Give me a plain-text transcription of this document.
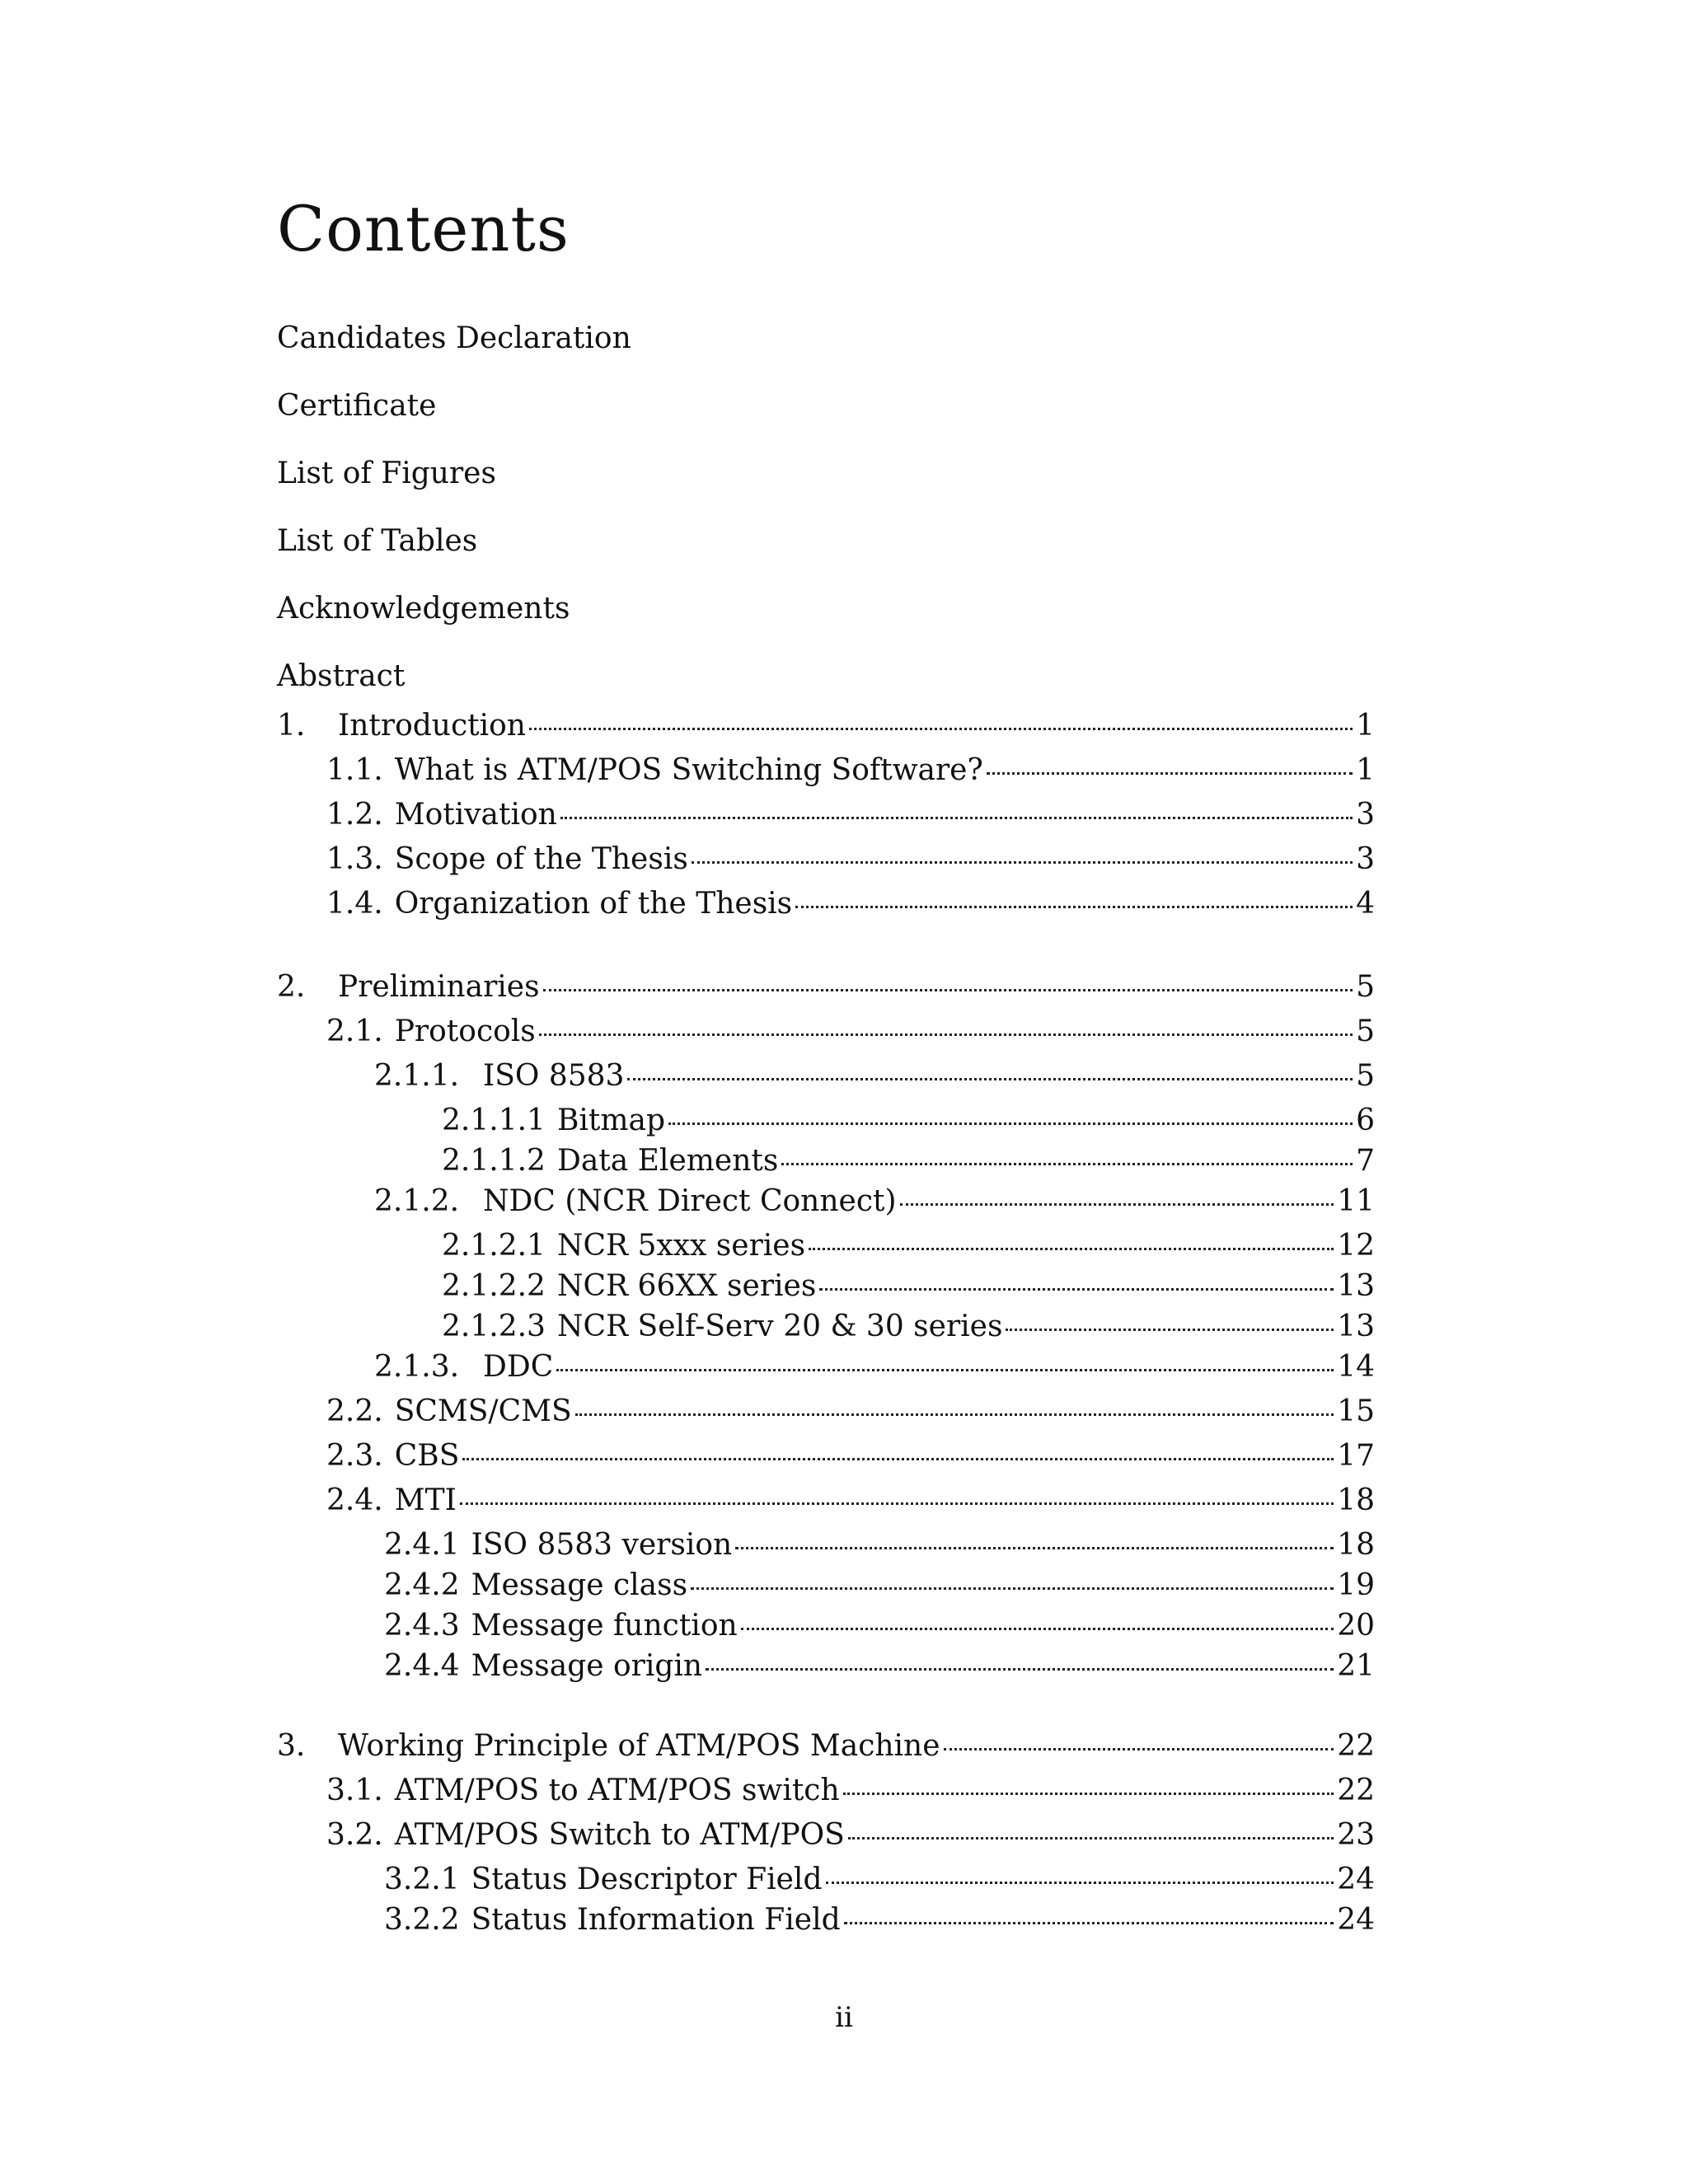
Contents
Candidates Declaration
Certificate
List of Figures
List of Tables
Acknowledgements
Abstract
1.	Introduction	1
1.1. What is ATM/POS Switching Software?	1
1.2. Motivation	3
1.3. Scope of the Thesis	3
1.4. Organization of the Thesis	4
2.	Preliminaries	5
2.1. Protocols	5
2.1.1. ISO 8583	5
2.1.1.1 Bitmap	6
2.1.1.2 Data Elements	7
2.1.2. NDC (NCR Direct Connect)	11
2.1.2.1 NCR 5xxx series	12
2.1.2.2 NCR 66XX series	13
2.1.2.3 NCR Self-Serv 20 & 30 series	13
2.1.3. DDC	14
2.2. SCMS/CMS	15
2.3. CBS	17
2.4. MTI	18
2.4.1 ISO 8583 version	18
2.4.2 Message class	19
2.4.3 Message function	20
2.4.4 Message origin	21
3.	Working Principle of ATM/POS Machine	22
3.1. ATM/POS to ATM/POS switch	22
3.2. ATM/POS Switch to ATM/POS	23
3.2.1 Status Descriptor Field	24
3.2.2 Status Information Field	24
ii
